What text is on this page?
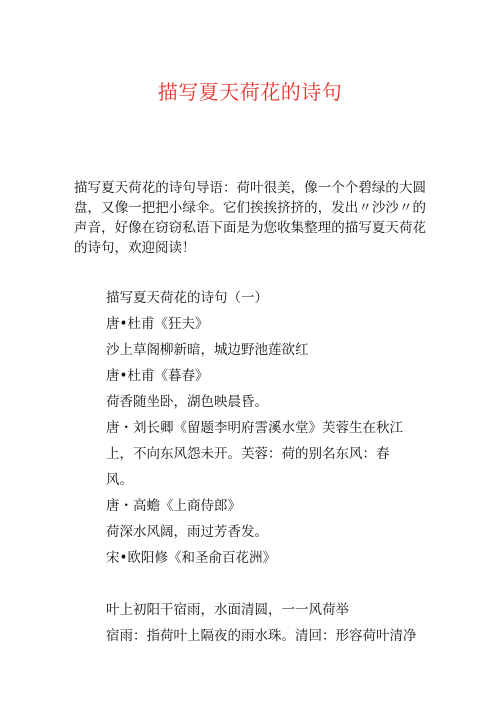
描写夏天荷花的诗句
描写夏天荷花的诗句导语：荷叶很美，像一个个碧绿的大圆盘，又像一把把小绿伞。它们挨挨挤挤的，发出〃沙沙〃的声音，好像在窃窃私语下面是为您收集整理的描写夏天荷花的诗句，欢迎阅读！
描写夏天荷花的诗句（一）
唐•杜甫《狂夫》
沙上草阁柳新暗，城边野池莲欲红
唐•杜甫《暮春》
荷香随坐卧，湖色映晨昏。
唐・刘长卿《留题李明府霅溪水堂》芙蓉生在秋江
上，不向东风怨未开。芙蓉：荷的别名东风：春
风。
唐・高蟾《上商侍郎》
荷深水风阔，雨过芳香发。
宋•欧阳修《和圣俞百花洲》
叶上初阳干宿雨，水面清圆，一一风荷举
宿雨：指荷叶上隔夜的雨水珠。清回：形容荷叶清净
